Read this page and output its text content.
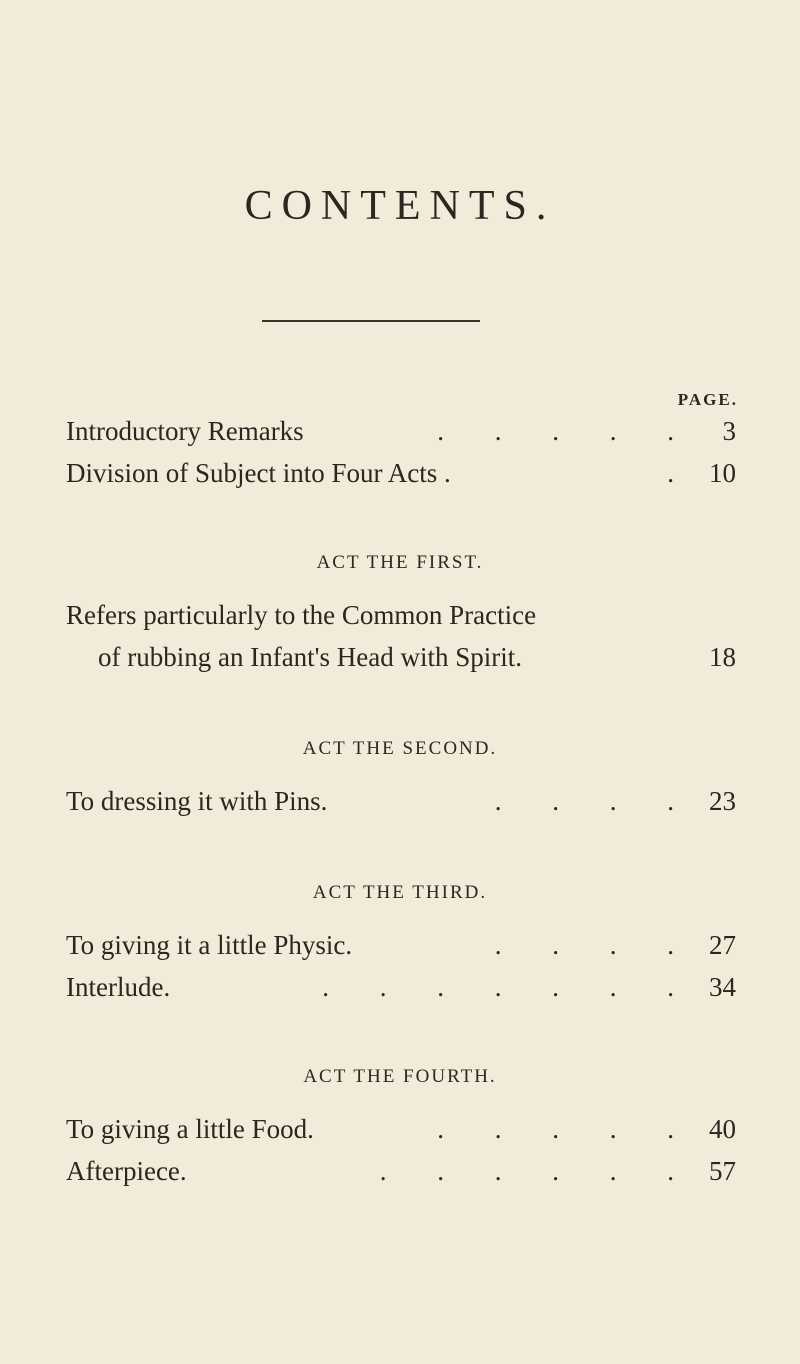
CONTENTS.
PAGE.
Introductory Remarks	. . . . . 3
Division of Subject into Four Acts .	. 10
ACT THE FIRST.
Refers particularly to the Common Practice
of rubbing an Infant's Head with Spirit.	18
ACT THE SECOND.
To dressing it with Pins.	. . . . 23
ACT THE THIRD.
To giving it a little Physic.	. . . . 27
Interlude.	. . . . . . . 34
ACT THE FOURTH.
To giving a little Food.	. . . . . 40
Afterpiece.	. . . . . . 57
